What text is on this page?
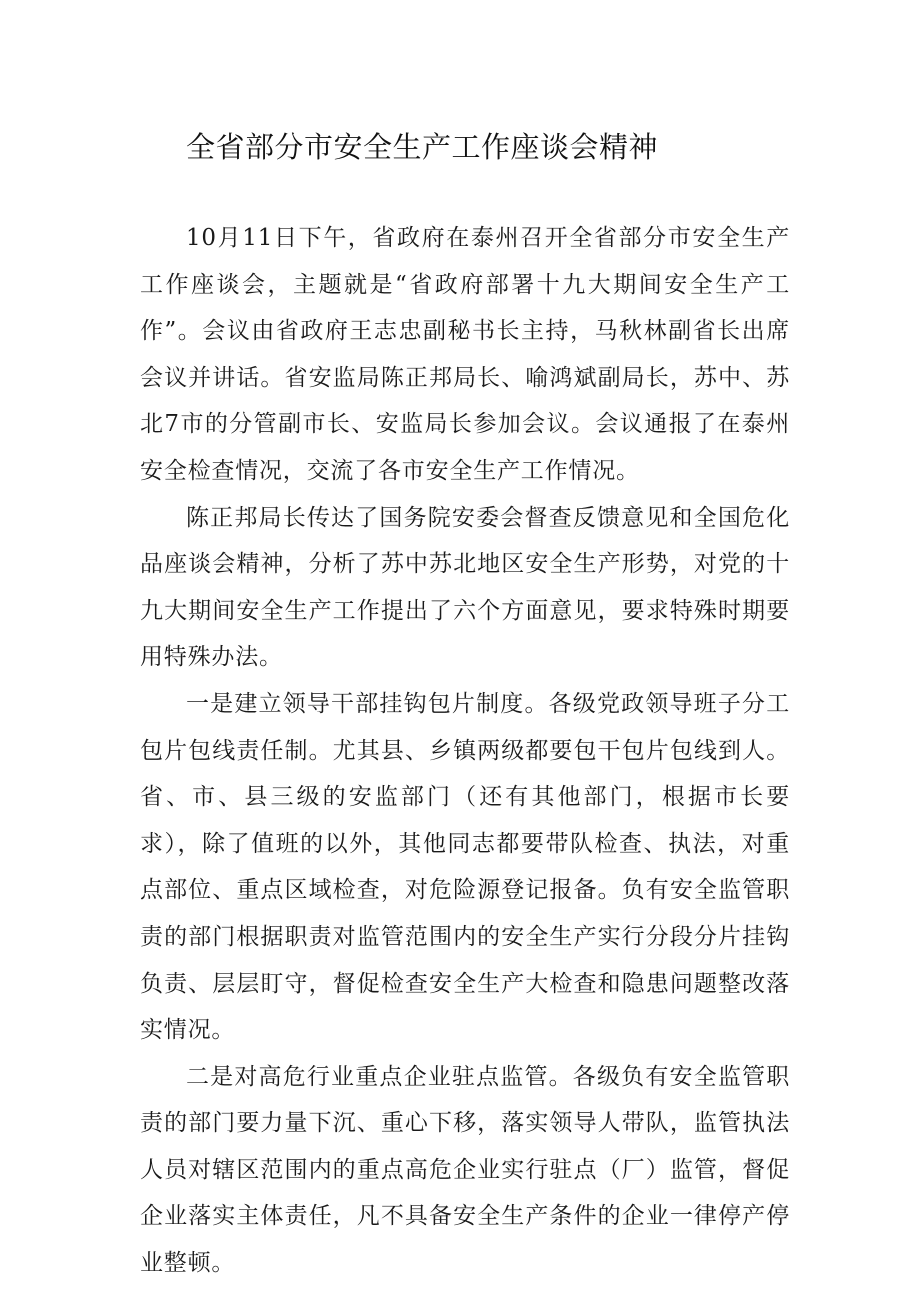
全省部分市安全生产工作座谈会精神

10月11日下午，省政府在泰州召开全省部分市安全生产工作座谈会，主题就是“省政府部署十九大期间安全生产工作”。会议由省政府王志忠副秘书长主持，马秋林副省长出席会议并讲话。省安监局陈正邦局长、喻鸿斌副局长，苏中、苏北7市的分管副市长、安监局长参加会议。会议通报了在泰州安全检查情况，交流了各市安全生产工作情况。

陈正邦局长传达了国务院安委会督查反馈意见和全国危化品座谈会精神，分析了苏中苏北地区安全生产形势，对党的十九大期间安全生产工作提出了六个方面意见，要求特殊时期要用特殊办法。

一是建立领导干部挂钩包片制度。各级党政领导班子分工包片包线责任制。尤其县、乡镇两级都要包干包片包线到人。省、市、县三级的安监部门（还有其他部门，根据市长要求），除了值班的以外，其他同志都要带队检查、执法，对重点部位、重点区域检查，对危险源登记报备。负有安全监管职责的部门根据职责对监管范围内的安全生产实行分段分片挂钩负责、层层盯守，督促检查安全生产大检查和隐患问题整改落实情况。

二是对高危行业重点企业驻点监管。各级负有安全监管职责的部门要力量下沉、重心下移，落实领导人带队，监管执法人员对辖区范围内的重点高危企业实行驻点（厂）监管，督促企业落实主体责任，凡不具备安全生产条件的企业一律停产停业整顿。
